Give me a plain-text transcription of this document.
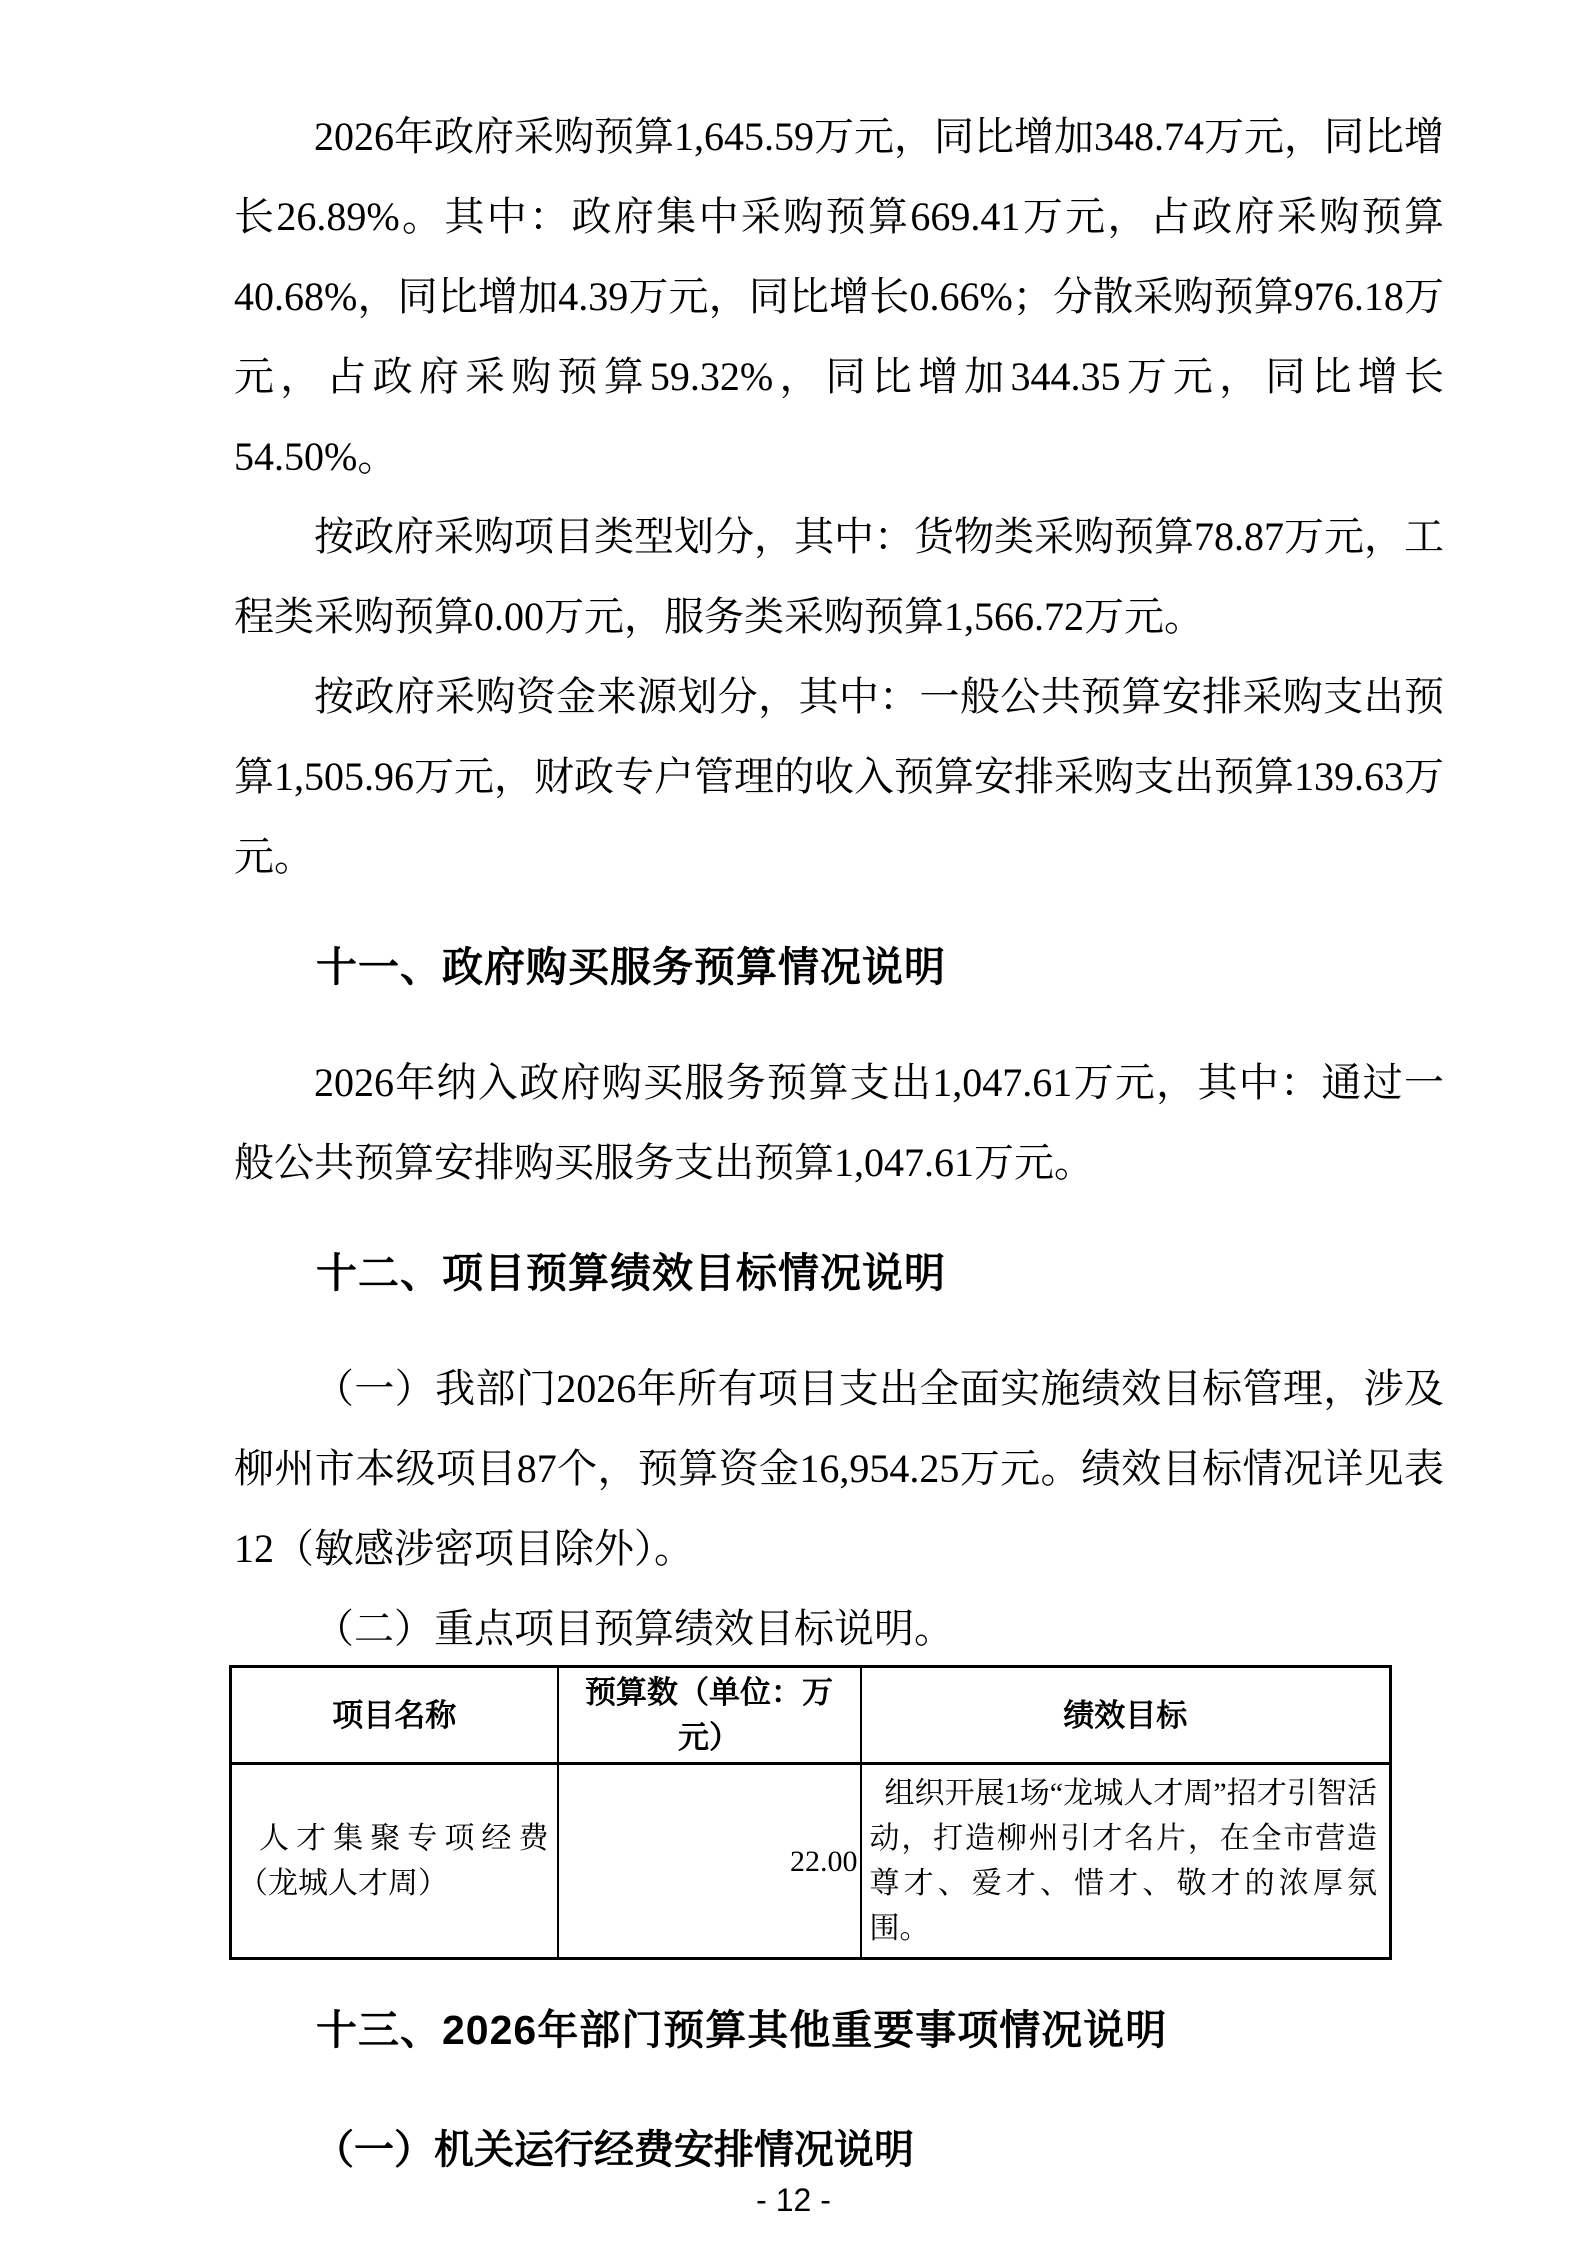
2026年政府采购预算1,645.59万元，同比增加348.74万元，同比增长26.89%。其中：政府集中采购预算669.41万元，占政府采购预算40.68%，同比增加4.39万元，同比增长0.66%；分散采购预算976.18万元，占政府采购预算59.32%，同比增加344.35万元，同比增长54.50%。

按政府采购项目类型划分，其中：货物类采购预算78.87万元，工程类采购预算0.00万元，服务类采购预算1,566.72万元。

按政府采购资金来源划分，其中：一般公共预算安排采购支出预算1,505.96万元，财政专户管理的收入预算安排采购支出预算139.63万元。

十一、政府购买服务预算情况说明

2026年纳入政府购买服务预算支出1,047.61万元，其中：通过一般公共预算安排购买服务支出预算1,047.61万元。

十二、项目预算绩效目标情况说明

（一）我部门2026年所有项目支出全面实施绩效目标管理，涉及柳州市本级项目87个，预算资金16,954.25万元。绩效目标情况详见表12（敏感涉密项目除外）。

（二）重点项目预算绩效目标说明。

项目名称	预算数（单位：万元）	绩效目标
人才集聚专项经费（龙城人才周）	22.00	组织开展1场“龙城人才周”招才引智活动，打造柳州引才名片，在全市营造尊才、爱才、惜才、敬才的浓厚氛围。
十三、2026年部门预算其他重要事项情况说明
（一）机关运行经费安排情况说明
- 12 -
